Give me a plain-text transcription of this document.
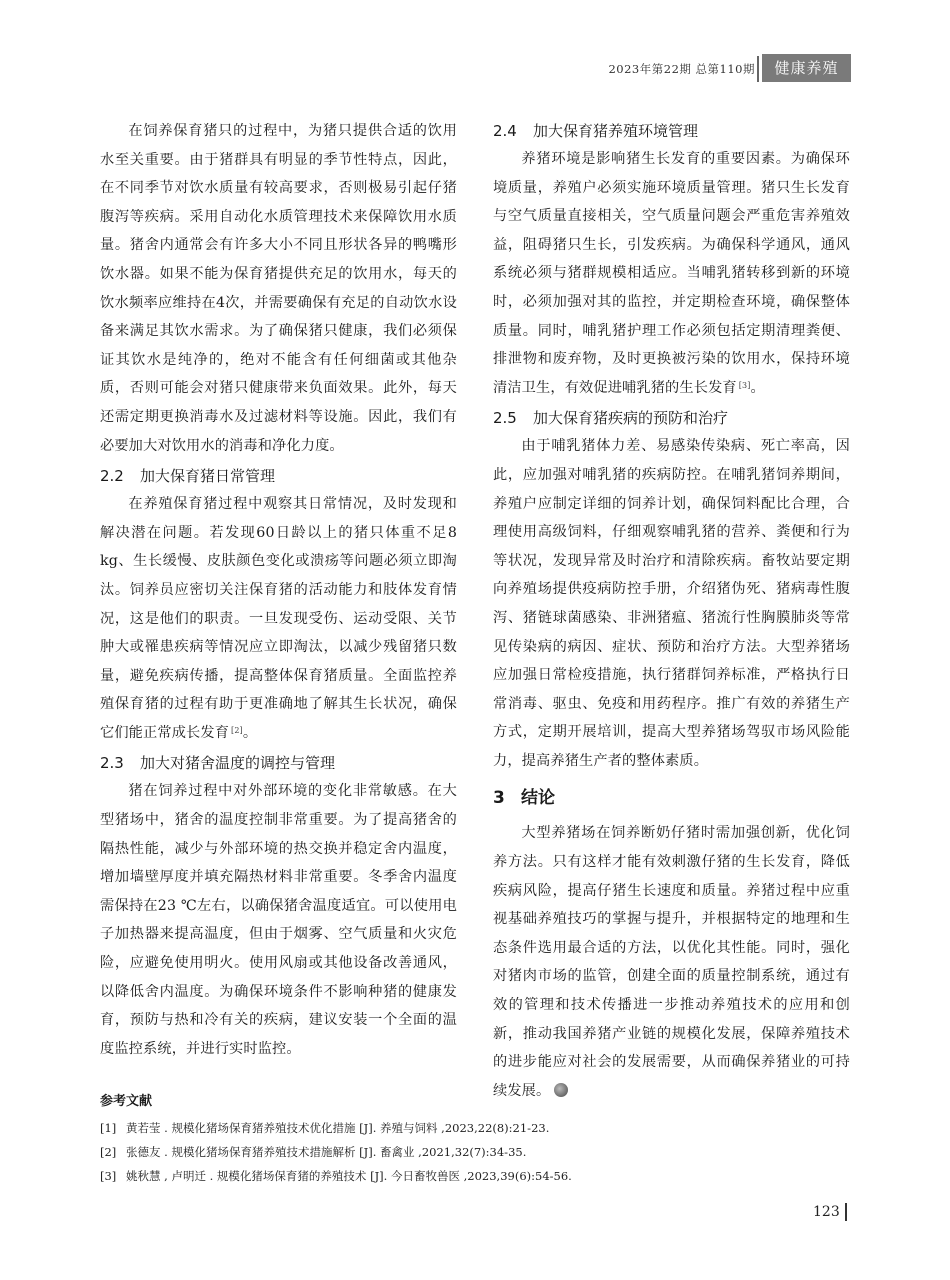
2023年第22期 总第110期	健康养殖

在饲养保育猪只的过程中，为猪只提供合适的饮用水至关重要。由于猪群具有明显的季节性特点，因此，在不同季节对饮水质量有较高要求，否则极易引起仔猪腹泻等疾病。采用自动化水质管理技术来保障饮用水质量。猪舍内通常会有许多大小不同且形状各异的鸭嘴形饮水器。如果不能为保育猪提供充足的饮用水，每天的饮水频率应维持在4次，并需要确保有充足的自动饮水设备来满足其饮水需求。为了确保猪只健康，我们必须保证其饮水是纯净的，绝对不能含有任何细菌或其他杂质，否则可能会对猪只健康带来负面效果。此外，每天还需定期更换消毒水及过滤材料等设施。因此，我们有必要加大对饮用水的消毒和净化力度。

2.2 加大保育猪日常管理

在养殖保育猪过程中观察其日常情况，及时发现和解决潜在问题。若发现60日龄以上的猪只体重不足8 kg、生长缓慢、皮肤颜色变化或溃疡等问题必须立即淘汰。饲养员应密切关注保育猪的活动能力和肢体发育情况，这是他们的职责。一旦发现受伤、运动受限、关节肿大或罹患疾病等情况应立即淘汰，以减少残留猪只数量，避免疾病传播，提高整体保育猪质量。全面监控养殖保育猪的过程有助于更准确地了解其生长状况，确保它们能正常成长发育 [2]。

2.3 加大对猪舍温度的调控与管理

猪在饲养过程中对外部环境的变化非常敏感。在大型猪场中，猪舍的温度控制非常重要。为了提高猪舍的隔热性能，减少与外部环境的热交换并稳定舍内温度，增加墙壁厚度并填充隔热材料非常重要。冬季舍内温度需保持在23 ℃左右，以确保猪舍温度适宜。可以使用电子加热器来提高温度，但由于烟雾、空气质量和火灾危险，应避免使用明火。使用风扇或其他设备改善通风，以降低舍内温度。为确保环境条件不影响种猪的健康发育，预防与热和冷有关的疾病，建议安装一个全面的温度监控系统，并进行实时监控。

2.4 加大保育猪养殖环境管理

养猪环境是影响猪生长发育的重要因素。为确保环境质量，养殖户必须实施环境质量管理。猪只生长发育与空气质量直接相关，空气质量问题会严重危害养殖效益，阻碍猪只生长，引发疾病。为确保科学通风，通风系统必须与猪群规模相适应。当哺乳猪转移到新的环境时，必须加强对其的监控，并定期检查环境，确保整体质量。同时，哺乳猪护理工作必须包括定期清理粪便、排泄物和废弃物，及时更换被污染的饮用水，保持环境清洁卫生，有效促进哺乳猪的生长发育 [3]。

2.5 加大保育猪疾病的预防和治疗

由于哺乳猪体力差、易感染传染病、死亡率高，因此，应加强对哺乳猪的疾病防控。在哺乳猪饲养期间，养殖户应制定详细的饲养计划，确保饲料配比合理，合理使用高级饲料，仔细观察哺乳猪的营养、粪便和行为等状况，发现异常及时治疗和清除疾病。畜牧站要定期向养殖场提供疫病防控手册，介绍猪伪死、猪病毒性腹泻、猪链球菌感染、非洲猪瘟、猪流行性胸膜肺炎等常见传染病的病因、症状、预防和治疗方法。大型养猪场应加强日常检疫措施，执行猪群饲养标准，严格执行日常消毒、驱虫、免疫和用药程序。推广有效的养猪生产方式，定期开展培训，提高大型养猪场驾驭市场风险能力，提高养猪生产者的整体素质。

3 结论

大型养猪场在饲养断奶仔猪时需加强创新，优化饲养方法。只有这样才能有效刺激仔猪的生长发育，降低疾病风险，提高仔猪生长速度和质量。养猪过程中应重视基础养殖技巧的掌握与提升，并根据特定的地理和生态条件选用最合适的方法，以优化其性能。同时，强化对猪肉市场的监管，创建全面的质量控制系统，通过有效的管理和技术传播进一步推动养殖技术的应用和创新，推动我国养猪产业链的规模化发展，保障养殖技术的进步能应对社会的发展需要，从而确保养猪业的可持续发展。

参考文献
[1] 黄若莹 . 规模化猪场保育猪养殖技术优化措施 [J]. 养殖与饲料 ,2023,22(8):21-23.
[2] 张德友 . 规模化猪场保育猪养殖技术措施解析 [J]. 畜禽业 ,2021,32(7):34-35.
[3] 姚秋慧 , 卢明迁 . 规模化猪场保育猪的养殖技术 [J]. 今日畜牧兽医 ,2023,39(6):54-56.
123
